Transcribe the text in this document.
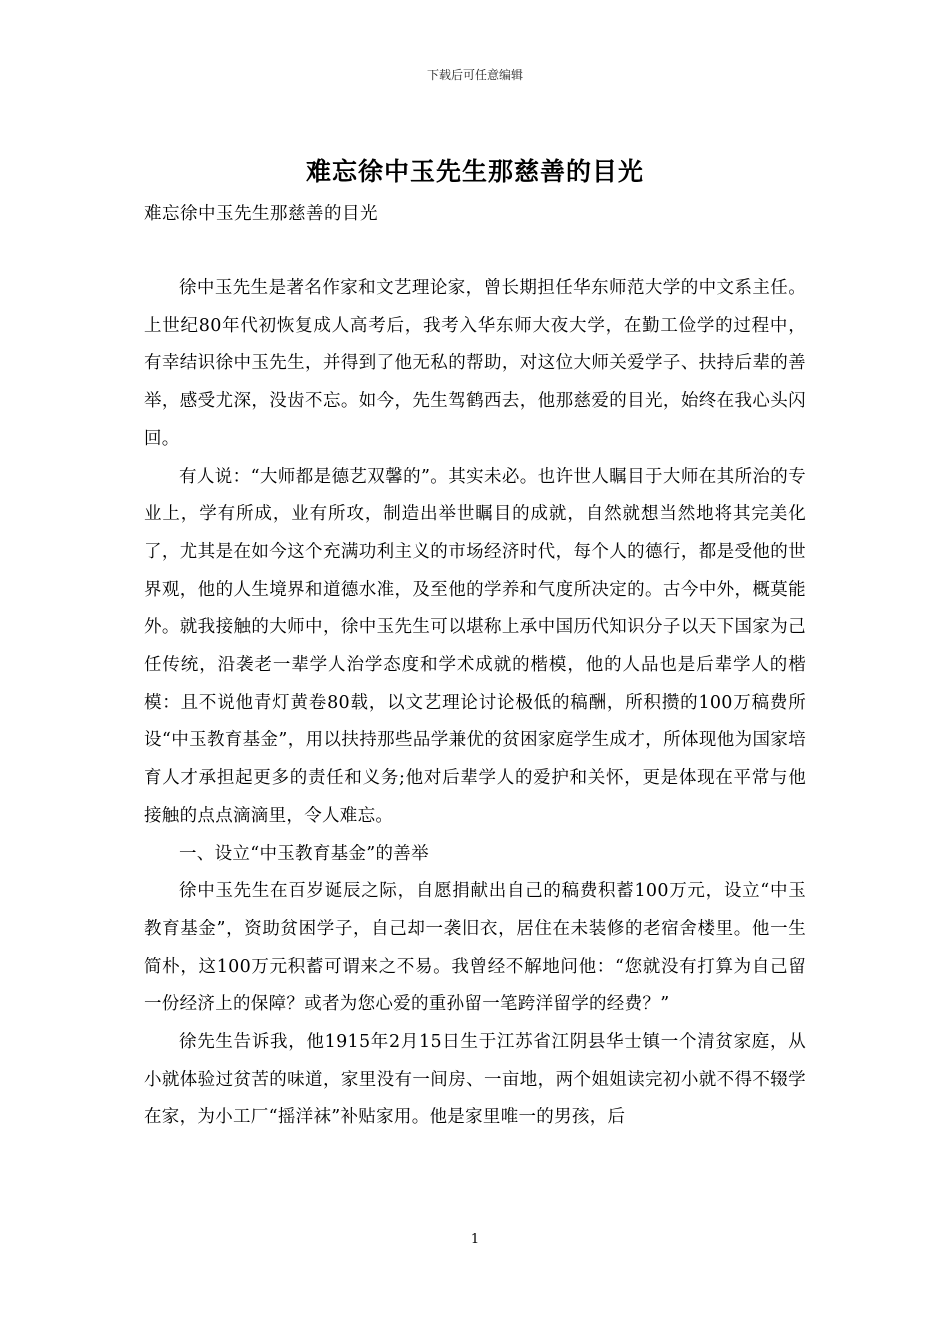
下载后可任意编辑
难忘徐中玉先生那慈善的目光
难忘徐中玉先生那慈善的目光

徐中玉先生是著名作家和文艺理论家，曾长期担任华东师范大学的中文系主任。上世纪80年代初恢复成人高考后，我考入华东师大夜大学，在勤工俭学的过程中，有幸结识徐中玉先生，并得到了他无私的帮助，对这位大师关爱学子、扶持后辈的善举，感受尤深，没齿不忘。如今，先生驾鹤西去，他那慈爱的目光，始终在我心头闪回。

有人说：“大师都是德艺双馨的”。其实未必。也许世人瞩目于大师在其所治的专业上，学有所成，业有所攻，制造出举世瞩目的成就，自然就想当然地将其完美化了，尤其是在如今这个充满功利主义的市场经济时代，每个人的德行，都是受他的世界观，他的人生境界和道德水准，及至他的学养和气度所决定的。古今中外，概莫能外。就我接触的大师中，徐中玉先生可以堪称上承中国历代知识分子以天下国家为己任传统，沿袭老一辈学人治学态度和学术成就的楷模，他的人品也是后辈学人的楷模：且不说他青灯黄卷80载，以文艺理论讨论极低的稿酬，所积攒的100万稿费所设“中玉教育基金”，用以扶持那些品学兼优的贫困家庭学生成才，所体现他为国家培育人才承担起更多的责任和义务;他对后辈学人的爱护和关怀，更是体现在平常与他接触的点点滴滴里，令人难忘。

一、设立“中玉教育基金”的善举

徐中玉先生在百岁诞辰之际，自愿捐献出自己的稿费积蓄100万元，设立“中玉教育基金”，资助贫困学子，自己却一袭旧衣，居住在未装修的老宿舍楼里。他一生简朴，这100万元积蓄可谓来之不易。我曾经不解地问他：“您就没有打算为自己留一份经济上的保障？或者为您心爱的重孙留一笔跨洋留学的经费？”

徐先生告诉我，他1915年2月15日生于江苏省江阴县华士镇一个清贫家庭，从小就体验过贫苦的味道，家里没有一间房、一亩地，两个姐姐读完初小就不得不辍学在家，为小工厂“摇洋袜”补贴家用。他是家里唯一的男孩，后

1
